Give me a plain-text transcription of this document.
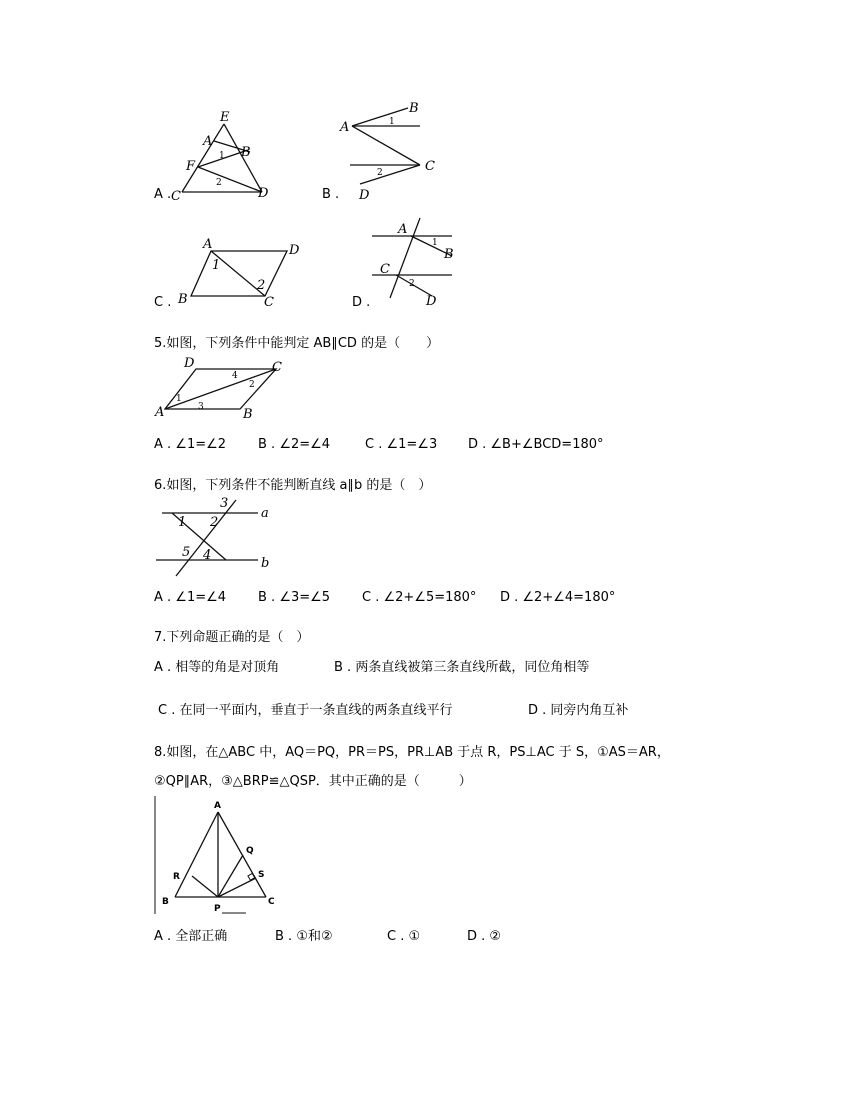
A .
E
A
B
F
C	D
1
2
B .
A
B
C
D
1
2
C .
A	D
B	C
1
2
D .
A
B
C
D
1
2
5.如图，下列条件中能判定 AB∥CD 的是（　　）
D	C
A	B
1
2
3
4
A . ∠1=∠2 B . ∠2=∠4	C . ∠1=∠3 D . ∠B+∠BCD=180°
6.如图，下列条件不能判断直线 a∥b 的是（　）
a
b
1 2
3
4
5
A . ∠1=∠4 B . ∠3=∠5 C . ∠2+∠5=180° D . ∠2+∠4=180°
7.下列命题正确的是（　）
A . 相等的角是对顶角	B . 两条直线被第三条直线所截，同位角相等
C . 在同一平面内，垂直于一条直线的两条直线平行	D . 同旁内角互补
8.如图，在△ABC 中，AQ＝PQ，PR＝PS，PR⊥AB 于点 R，PS⊥AC 于 S，①AS＝AR，
②QP∥AR，③△BRP≌△QSP．其中正确的是（　　　）
A
B	C
P
Q
R	S
A . 全部正确	B . ①和②	C . ①	D . ②
